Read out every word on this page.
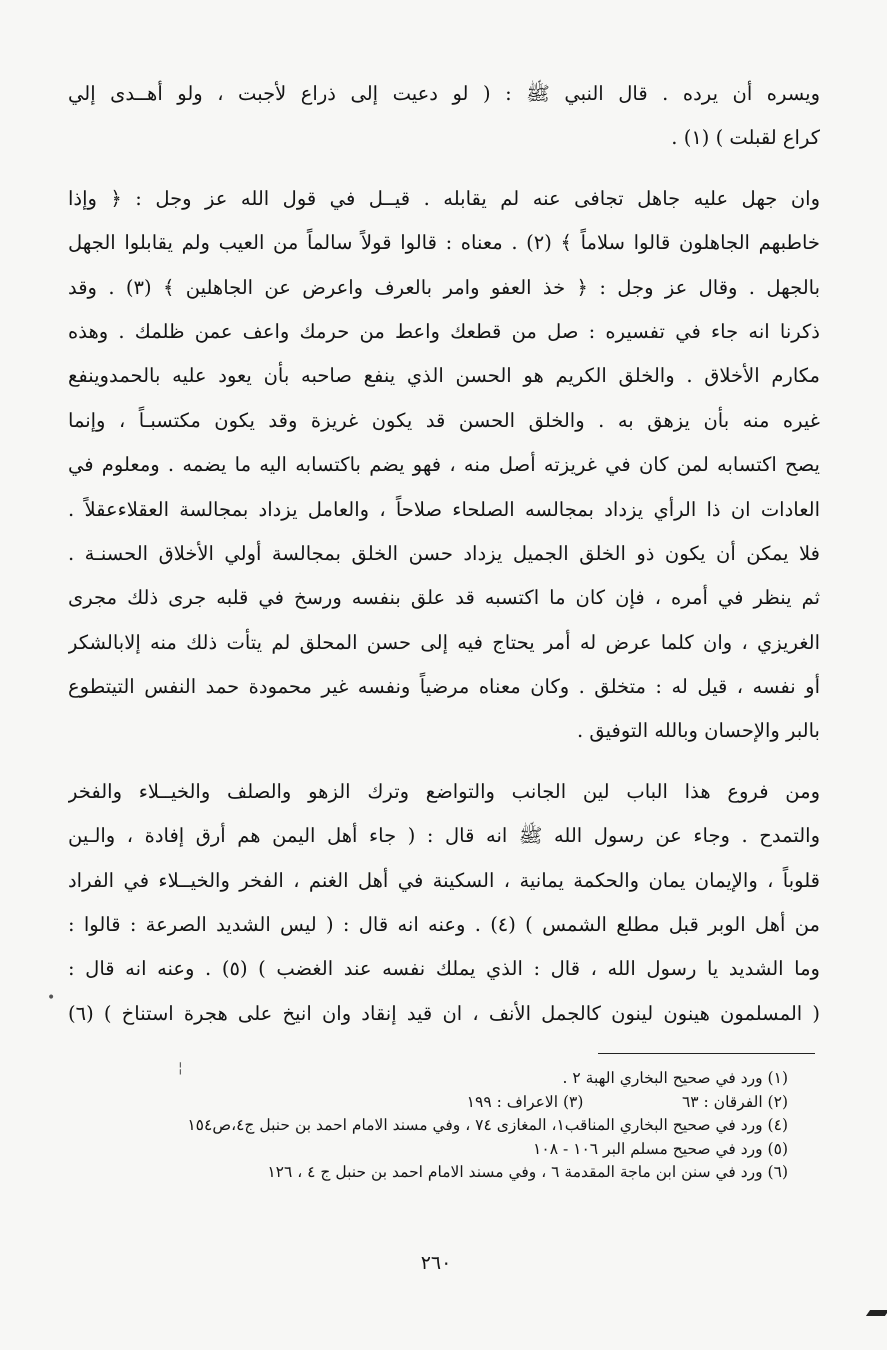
ويسره أن يرده . قال النبي ﷺ : ( لو دعيت إلى ذراع لأجبت ، ولو أهــدى إلي
كراع لقبلت ) (١) .
وان جهل عليه جاهل تجافى عنه لم يقابله . قيــل في قول الله عز وجل : ﴿ وإذا
خاطبهم الجاهلون قالوا سلاماً ﴾ (٢) . معناه : قالوا قولاً سالماً من العيب ولم يقابلوا الجهل
بالجهل . وقال عز وجل : ﴿ خذ العفو وامر بالعرف واعرض عن الجاهلين ﴾ (٣) . وقد
ذكرنا انه جاء في تفسيره : صل من قطعك واعط من حرمك واعف عمن ظلمك . وهذه
مكارم الأخلاق . والخلق الكريم هو الحسن الذي ينفع صاحبه بأن يعود عليه بالحمدوينفع
غيره منه بأن يزهق به . والخلق الحسن قد يكون غريزة وقد يكون مكتسبـاً ، وإنما
يصح اكتسابه لمن كان في غريزته أصل منه ، فهو يضم باكتسابه اليه ما يضمه . ومعلوم في
العادات ان ذا الرأي يزداد بمجالسه الصلحاء صلاحاً ، والعامل يزداد بمجالسة العقلاءعقلاً .
فلا يمكن أن يكون ذو الخلق الجميل يزداد حسن الخلق بمجالسة أولي الأخلاق الحسنـة .
ثم ينظر في أمره ، فإن كان ما اكتسبه قد علق بنفسه ورسخ في قلبه جرى ذلك مجرى
الغريزي ، وان كلما عرض له أمر يحتاج فيه إلى حسن المحلق لم يتأت ذلك منه إلابالشكر
أو نفسه ، قيل له : متخلق . وكان معناه مرضياً ونفسه غير محمودة حمد النفس التيتطوع
بالبر والإحسان وبالله التوفيق .
ومن فروع هذا الباب لين الجانب والتواضع وترك الزهو والصلف والخيــلاء والفخر
والتمدح . وجاء عن رسول الله ﷺ انه قال : ( جاء أهل اليمن هم أرق إفادة ، والـين
قلوباً ، والإيمان يمان والحكمة يمانية ، السكينة في أهل الغنم ، الفخر والخيــلاء في الفراد
من أهل الوبر قبل مطلع الشمس ) (٤) . وعنه انه قال : ( ليس الشديد الصرعة : قالوا :
وما الشديد يا رسول الله ، قال : الذي يملك نفسه عند الغضب ) (٥) . وعنه انه قال :
( المسلمون هينون لينون كالجمل الأنف ، ان قيد إنقاد وان انيخ على هجرة استناخ ) (٦)
(١) ورد في صحيح البخاري الهبة ٢ .
(٢) الفرقان : ٦٣                    (٣) الاعراف : ١٩٩
(٤) ورد في صحيح البخاري المناقب١، المغازى ٧٤ ، وفي مسند الامام احمد بن حنبل ج٤،ص١٥٤
(٥) ورد في صحيح مسلم البر ١٠٦ - ١٠٨
(٦) ورد في سنن ابن ماجة المقدمة ٦ ، وفي مسند الامام احمد بن حنبل ج ٤ ، ١٢٦
٢٦٠
•
¦
